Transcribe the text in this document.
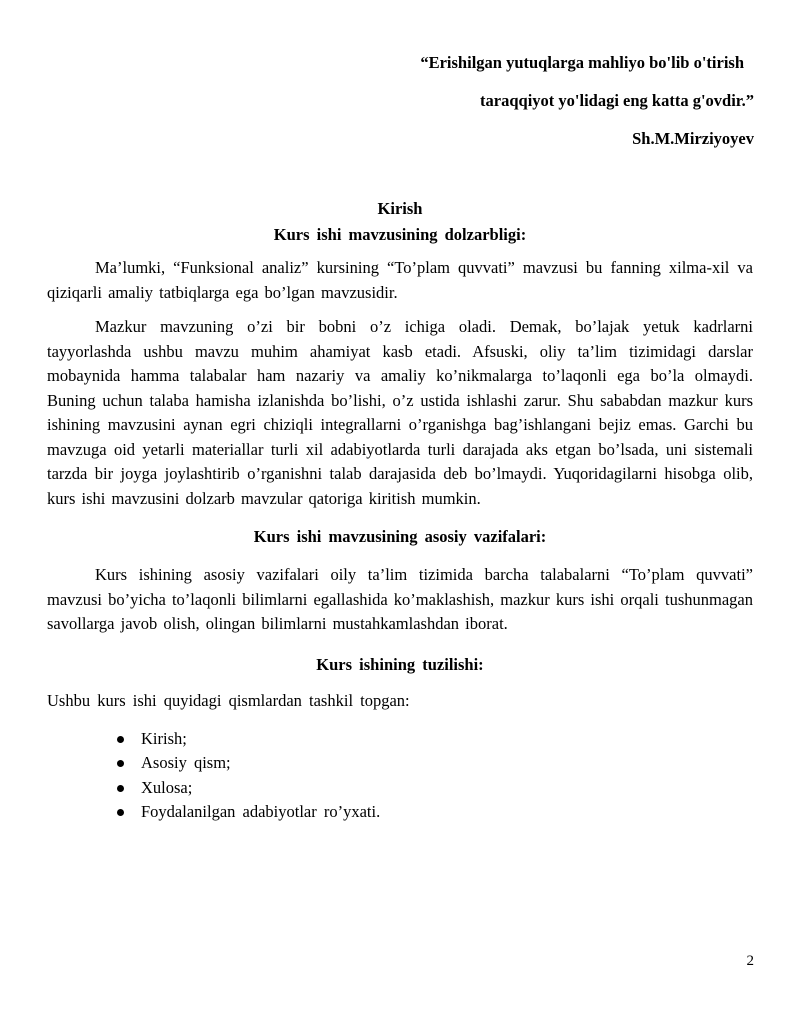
“Erishilgan yutuqlarga mahliyo bo'lib o'tirish
taraqqiyot yo'lidagi eng katta g'ovdir.”
Sh.M.Mirziyoyev
Kirish
Kurs ishi mavzusining dolzarbligi:

Ma’lumki, “Funksional analiz” kursining “To’plam quvvati” mavzusi bu fanning xilma-xil va qiziqarli amaliy tatbiqlarga ega bo’lgan mavzusidir.

Mazkur mavzuning o’zi bir bobni o’z ichiga oladi. Demak, bo’lajak yetuk kadrlarni tayyorlashda ushbu mavzu muhim ahamiyat kasb etadi. Afsuski, oliy ta’lim tizimidagi darslar mobaynida hamma talabalar ham nazariy va amaliy ko’nikmalarga to’laqonli ega bo’la olmaydi. Buning uchun talaba hamisha izlanishda bo’lishi, o’z ustida ishlashi zarur. Shu sababdan mazkur kurs ishining mavzusini aynan egri chiziqli integrallarni o’rganishga bag’ishlangani bejiz emas. Garchi bu mavzuga oid yetarli materiallar turli xil adabiyotlarda turli darajada aks etgan bo’lsada, uni sistemali tarzda bir joyga joylashtirib o’rganishni talab darajasida deb bo’lmaydi. Yuqoridagilarni hisobga olib, kurs ishi mavzusini dolzarb mavzular qatoriga kiritish mumkin.

Kurs ishi mavzusining asosiy vazifalari:

Kurs ishining asosiy vazifalari oily ta’lim tizimida barcha talabalarni “To’plam quvvati” mavzusi bo’yicha to’laqonli bilimlarni egallashida ko’maklashish, mazkur kurs ishi orqali tushunmagan savollarga javob olish, olingan bilimlarni mustahkamlashdan iborat.

Kurs ishining tuzilishi:

Ushbu kurs ishi quyidagi qismlardan tashkil topgan:

Kirish;
Asosiy qism;
Xulosa;
Foydalanilgan adabiyotlar ro’yxati.
2
